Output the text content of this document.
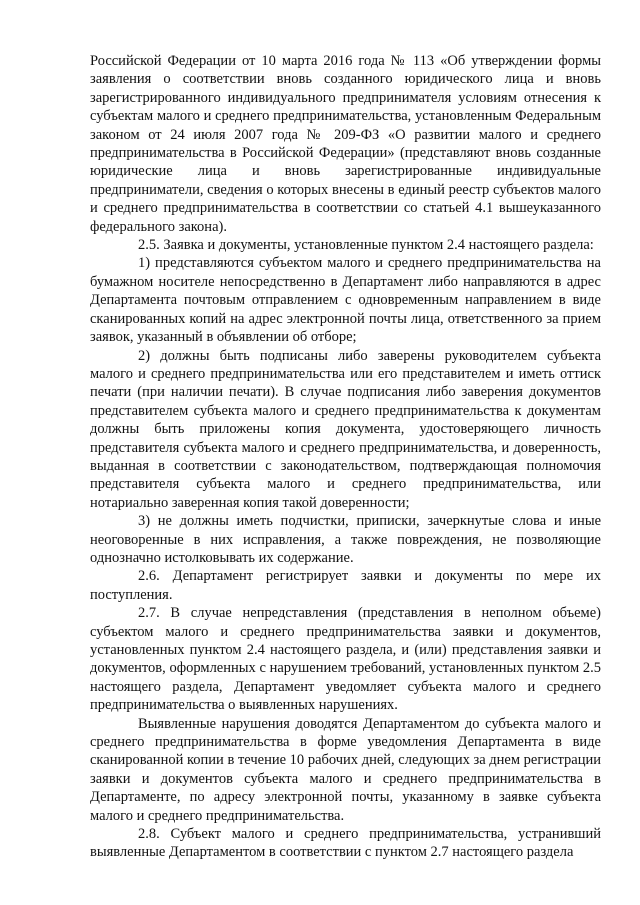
Российской Федерации от 10 марта 2016 года № 113 «Об утверждении формы заявления о соответствии вновь созданного юридического лица и вновь зарегистрированного индивидуального предпринимателя условиям отнесения к субъектам малого и среднего предпринимательства, установленным Федеральным законом от 24 июля 2007 года № 209-ФЗ «О развитии малого и среднего предпринимательства в Российской Федерации» (представляют вновь созданные юридические лица и вновь зарегистрированные индивидуальные предприниматели, сведения о которых внесены в единый реестр субъектов малого и среднего предпринимательства в соответствии со статьей 4.1 вышеуказанного федерального закона).

2.5. Заявка и документы, установленные пунктом 2.4 настоящего раздела:

1) представляются субъектом малого и среднего предпринимательства на бумажном носителе непосредственно в Департамент либо направляются в адрес Департамента почтовым отправлением с одновременным направлением в виде сканированных копий на адрес электронной почты лица, ответственного за прием заявок, указанный в объявлении об отборе;

2) должны быть подписаны либо заверены руководителем субъекта малого и среднего предпринимательства или его представителем и иметь оттиск печати (при наличии печати). В случае подписания либо заверения документов представителем субъекта малого и среднего предпринимательства к документам должны быть приложены копия документа, удостоверяющего личность представителя субъекта малого и среднего предпринимательства, и доверенность, выданная в соответствии с законодательством, подтверждающая полномочия представителя субъекта малого и среднего предпринимательства, или нотариально заверенная копия такой доверенности;

3) не должны иметь подчистки, приписки, зачеркнутые слова и иные неоговоренные в них исправления, а также повреждения, не позволяющие однозначно истолковывать их содержание.

2.6. Департамент регистрирует заявки и документы по мере их поступления.

2.7. В случае непредставления (представления в неполном объеме) субъектом малого и среднего предпринимательства заявки и документов, установленных пунктом 2.4 настоящего раздела, и (или) представления заявки и документов, оформленных с нарушением требований, установленных пунктом 2.5 настоящего раздела, Департамент уведомляет субъекта малого и среднего предпринимательства о выявленных нарушениях.

Выявленные нарушения доводятся Департаментом до субъекта малого и среднего предпринимательства в форме уведомления Департамента в виде сканированной копии в течение 10 рабочих дней, следующих за днем регистрации заявки и документов субъекта малого и среднего предпринимательства в Департаменте, по адресу электронной почты, указанному в заявке субъекта малого и среднего предпринимательства.

2.8. Субъект малого и среднего предпринимательства, устранивший выявленные Департаментом в соответствии с пунктом 2.7 настоящего раздела
